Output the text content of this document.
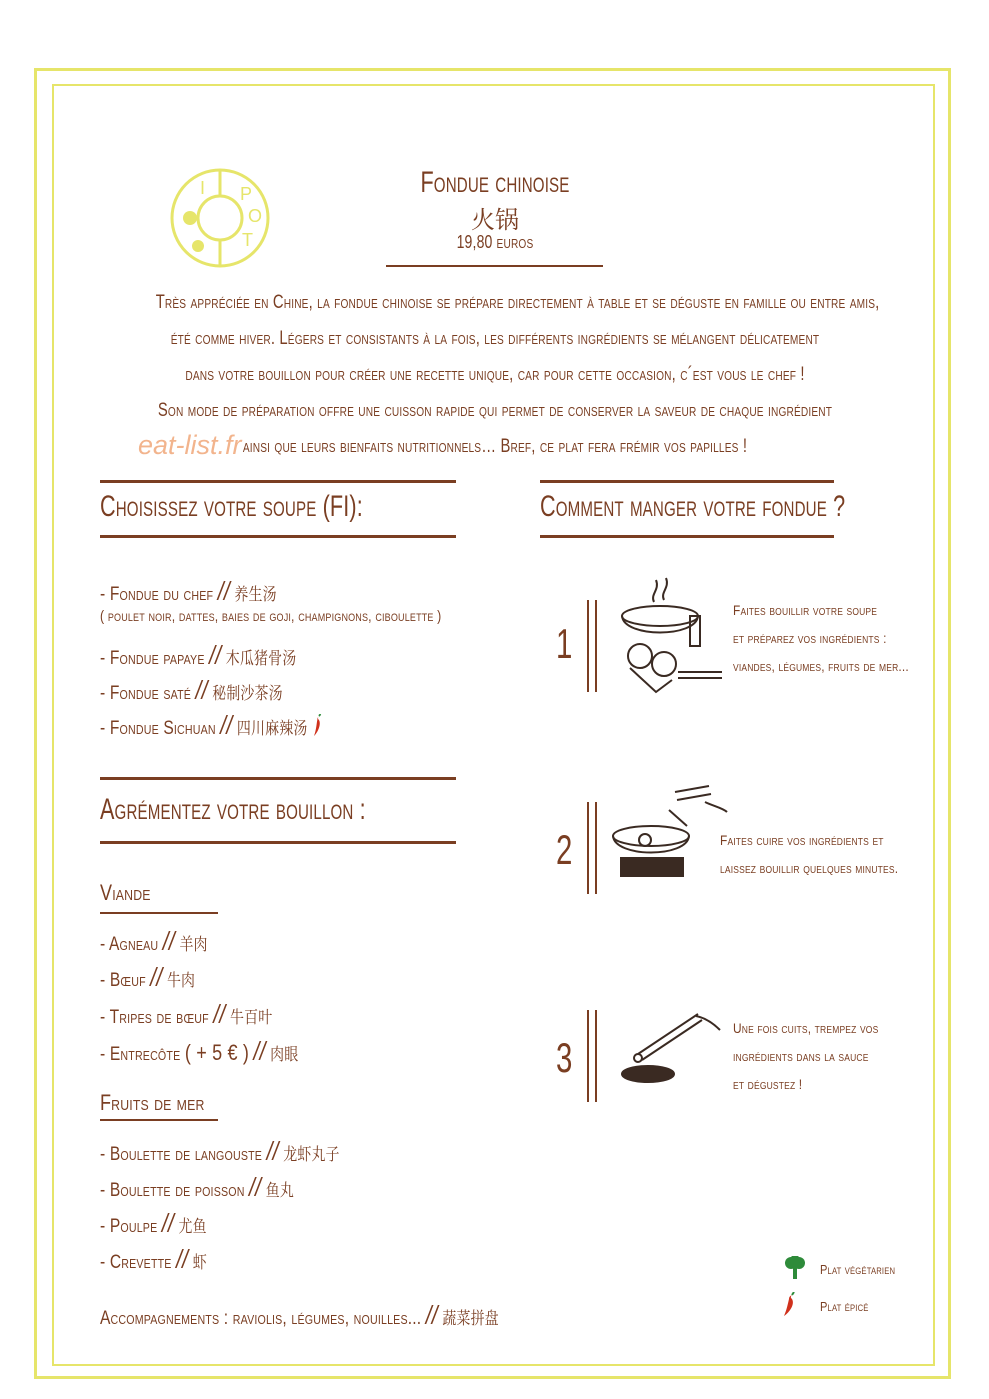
P
O
T
I	Fondue chinoise
火锅
19,80 euros

Très appréciée en Chine, la fondue chinoise se prépare directement à table et se déguste en famille ou entre amis,

été comme hiver. Légers et consistants à la fois, les différents ingrédients se mélangent délicatement

dans votre bouillon pour créer une recette unique, car pour cette occasion, c´est vous le chef !

Son mode de préparation offre une cuisson rapide qui permet de conserver la saveur de chaque ingrédient

ainsi que leurs bienfaits nutritionnels… Bref, ce plat fera frémir vos papilles !

eat-list.fr
Choisissez votre soupe (FI):
- Fondue du chef // 养生汤
( poulet noir, dattes, baies de goji, champignons, ciboulette )
- Fondue papaye // 木瓜猪骨汤
- Fondue saté // 秘制沙茶汤
- Fondue Sichuan // 四川麻辣汤
Agrémentez votre bouillon :
Viande
- Agneau // 羊肉
- Bœuf // 牛肉
- Tripes de bœuf // 牛百叶
- Entrecôte ( + 5 € ) // 肉眼
Fruits de mer
- Boulette de langouste // 龙虾丸子
- Boulette de poisson // 鱼丸
- Poulpe // 尤鱼
- Crevette // 虾
Accompagnements : raviolis, légumes, nouilles... // 蔬菜拼盘
Comment manger votre fondue ?
1
Faites bouillir votre soupe
et préparez vos ingrédients :
viandes, légumes, fruits de mer...
2	Faites cuire vos ingrédients et
laissez bouillir quelques minutes.
3
Une fois cuits, trempez vos
ingrédients dans la sauce
et dégustez !
Plat végétarien
Plat épicé
